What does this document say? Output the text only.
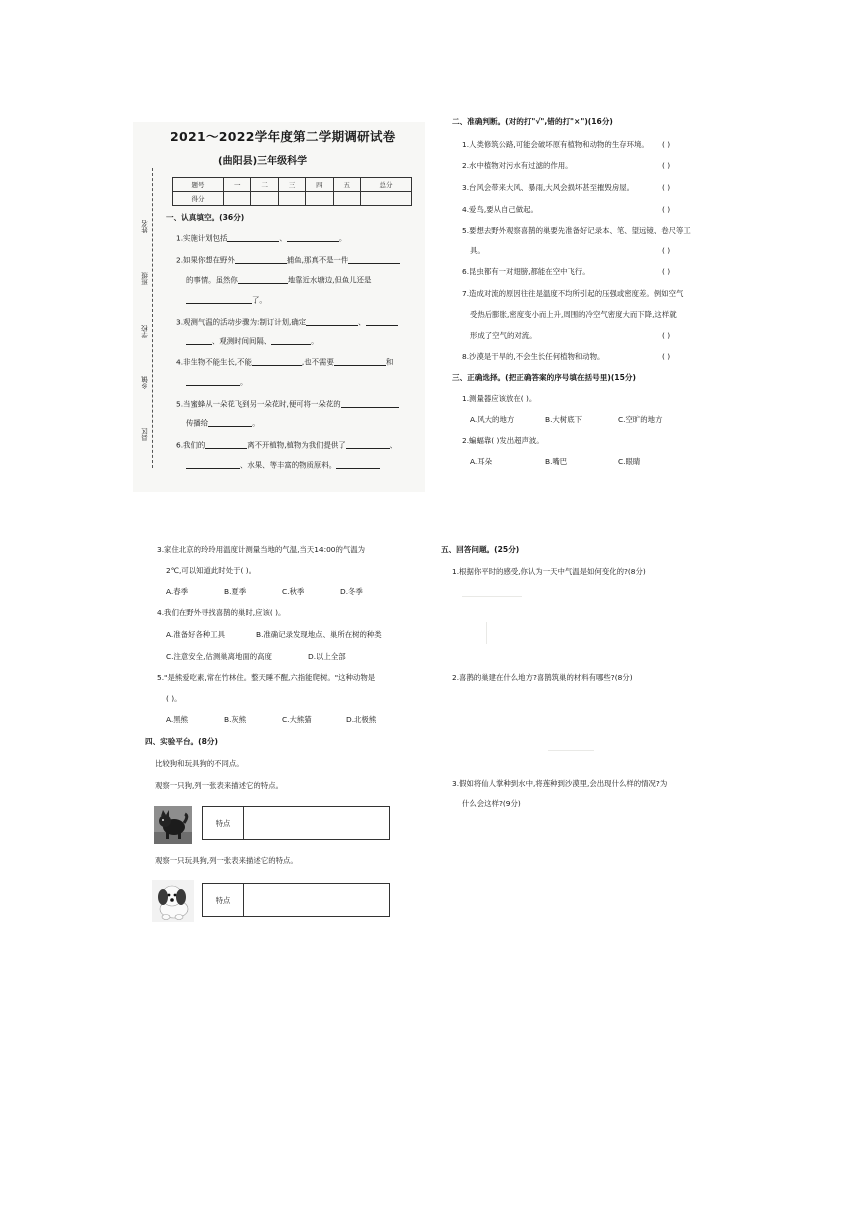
姓名
班级
学校
乡镇
县区
2021～2022学年度第二学期调研试卷
(曲阳县)三年级科学
题号	一	二	三	四	五	总分
得分						
一、认真填空。(36分)
1.实施计划包括	、	。
2.如果你想在野外	捕鱼,那真不是一件
的事情。虽然你	地靠近水塘边,但鱼儿还是
了。
3.观测气温的活动步骤为:制订计划,确定	、
、观测时间间隔、	。
4.非生物不能生长,不能	,也不需要	和
。
5.当蜜蜂从一朵花飞到另一朵花时,便可将一朵花的
传播给	。
6.我们的	离不开植物,植物为我们提供了	、
、水果、等丰富的物质原料。
二、准确判断。(对的打"√",错的打"×")(16分)
1.人类修筑公路,可能会破坏原有植物和动物的生存环境。 ( )
2.水中植物对污水有过滤的作用。	( )
3.台风会带来大风、暴雨,大风会损坏甚至摧毁房屋。	( )
4.爱鸟,要从自己做起。	( )
5.要想去野外观察喜鹊的巢要先准备好记录本、笔、望远镜、卷尺等工
具。	( )
6.昆虫都有一对翅膀,都能在空中飞行。	( )
7.造成对流的原因往往是温度不均所引起的压强或密度差。例如空气
受热后膨胀,密度变小而上升,周围的冷空气密度大而下降,这样就
形成了空气的对流。	( )
8.沙漠是干旱的,不会生长任何植物和动物。	( )
三、正确选择。(把正确答案的序号填在括号里)(15分)
1.测量器应该放在( )。
A.风大的地方	B.大树底下	C.空旷的地方
2.蝙蝠靠( )发出超声波。
A.耳朵	B.嘴巴	C.眼睛
3.家住北京的玲玲用温度计测量当地的气温,当天14:00的气温为
2℃,可以知道此时处于( )。
A.春季	B.夏季	C.秋季	D.冬季
4.我们在野外寻找喜鹊的巢时,应该( )。
A.准备好各种工具	B.准确记录发现地点、巢所在树的种类
C.注意安全,估测巢离地面的高度	D.以上全部
5."是熊爱吃素,常在竹林住。整天睡不醒,六指能爬树。"这种动物是
( )。
A.黑熊	B.灰熊	C.大熊猫	D.北极熊
四、实验平台。(8分)
比较狗和玩具狗的不同点。
观察一只狗,列一张表来描述它的特点。
特点
观察一只玩具狗,列一张表来描述它的特点。
特点
五、回答问题。(25分)
1.根据你平时的感受,你认为一天中气温是如何变化的?(8分)
2.喜鹊的巢建在什么地方?喜鹊筑巢的材料有哪些?(8分)
3.假如将仙人掌种到水中,将莲种到沙漠里,会出现什么样的情况?为
什么会这样?(9分)
